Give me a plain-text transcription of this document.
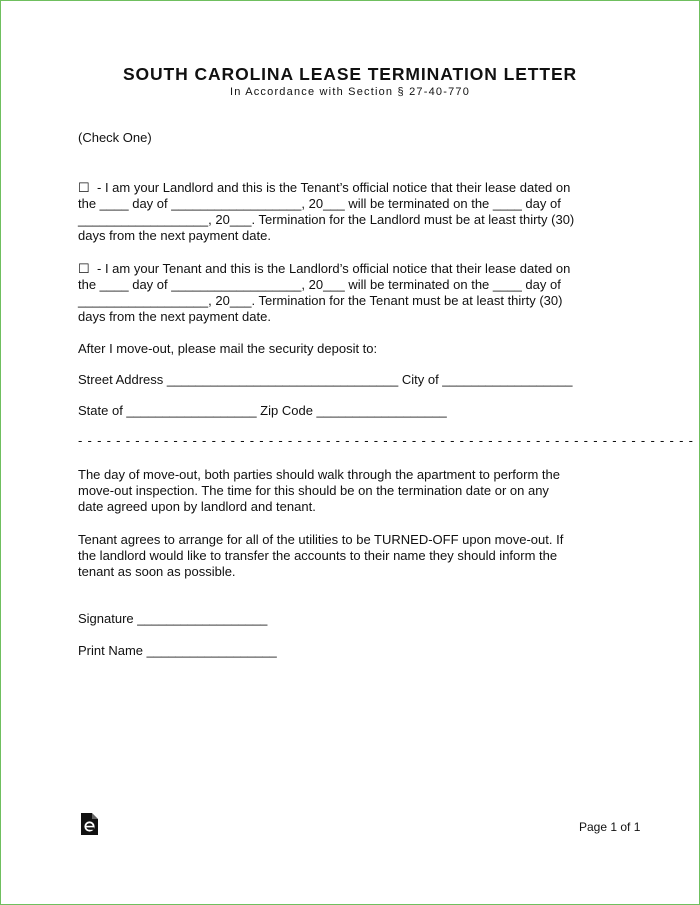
SOUTH CAROLINA LEASE TERMINATION LETTER
In Accordance with Section § 27-40-770
(Check One)
☐ - I am your Landlord and this is the Tenant’s official notice that their lease dated on
the ____ day of __________________, 20___ will be terminated on the ____ day of
__________________, 20___. Termination for the Landlord must be at least thirty (30)
days from the next payment date.
☐ - I am your Tenant and this is the Landlord’s official notice that their lease dated on
the ____ day of __________________, 20___ will be terminated on the ____ day of
__________________, 20___. Termination for the Tenant must be at least thirty (30)
days from the next payment date.
After I move-out, please mail the security deposit to:
Street Address ________________________________ City of __________________
State of __________________ Zip Code __________________
- - - - - - - - - - - - - - - - - - - - - - - - - - - - - - - - - - - - - - - - - - - - - - - - - - - - - - - - - - - - - - - - -
The day of move-out, both parties should walk through the apartment to perform the
move-out inspection. The time for this should be on the termination date or on any
date agreed upon by landlord and tenant.
Tenant agrees to arrange for all of the utilities to be TURNED-OFF upon move-out. If
the landlord would like to transfer the accounts to their name they should inform the
tenant as soon as possible.
Signature __________________
Print Name __________________
Page 1 of 1
